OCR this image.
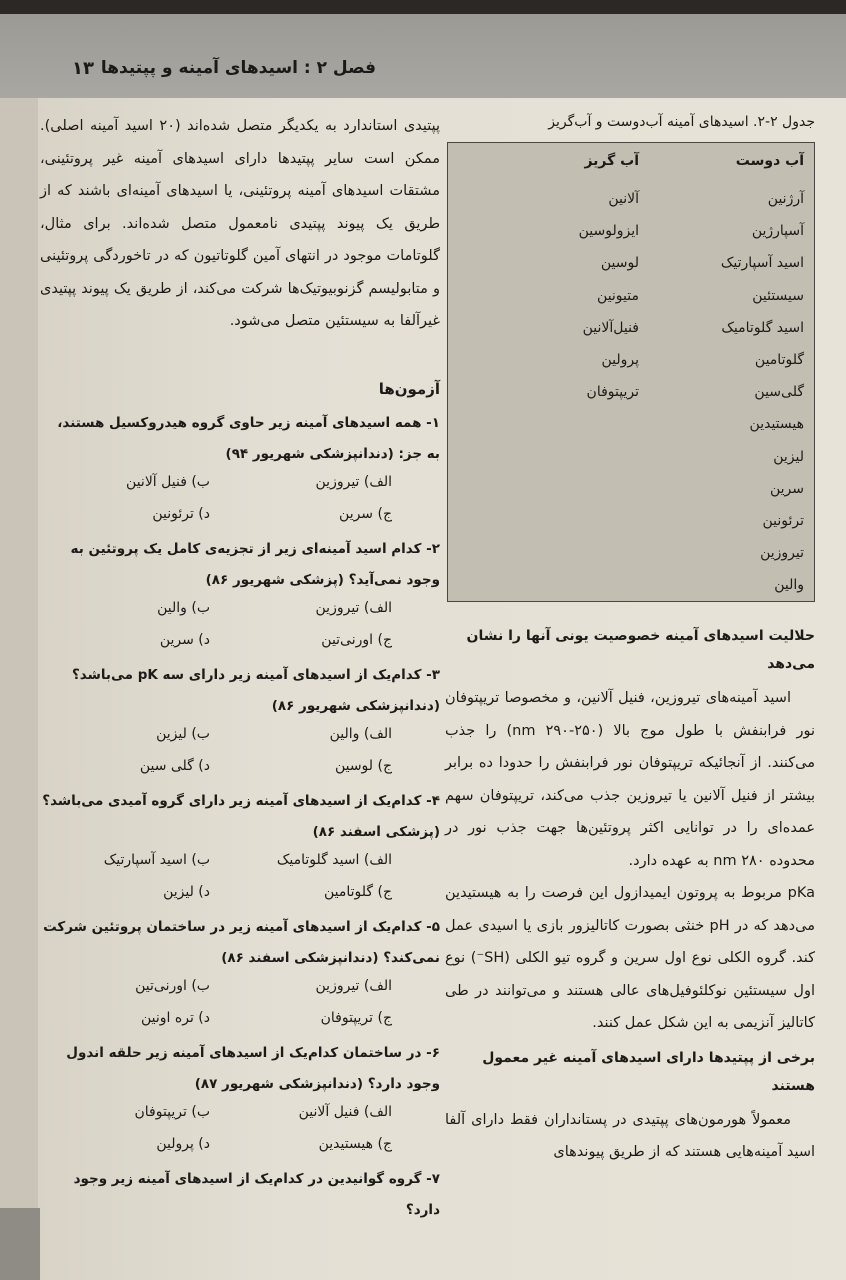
فصل ۲ : اسیدهای آمینه و پپتیدها
۱۳
جدول ۲-۲. اسیدهای آمینه آب‌دوست و آب‌گریز
آب دوست
آب گریز
آرژنین
آسپارژین
اسید آسپارتیک
سیستئین
اسید گلوتامیک
گلوتامین
گلی‌سین
هیستیدین
لیزین
سرین
ترئونین
تیروزین
والین
آلانین
ایزولوسین
لوسین
متیونین
فنیل‌آلانین
پرولین
تریپتوفان
حلالیت اسیدهای آمینه خصوصیت یونی آنها را نشان می‌دهد

اسید آمینه‌های تیروزین، فنیل آلانین، و مخصوصا تریپتوفان نور فرابنفش با طول موج بالا (۲۵۰-۲۹۰ nm) را جذب می‌کنند. از آنجائیکه تریپتوفان نور فرابنفش را حدودا ده برابر بیشتر از فنیل آلانین یا تیروزین جذب می‌کند، تریپتوفان سهم عمده‌ای را در توانایی اکثر پروتئین‌ها جهت جذب نور در محدوده ۲۸۰ nm به عهده دارد.

pKa مربوط به پروتون ایمیدازول این فرصت را به هیستیدین می‌دهد که در pH خنثی بصورت کاتالیزور بازی یا اسیدی عمل کند. گروه الکلی نوع اول سرین و گروه تیو الکلی (SH⁻) نوع اول سیستئین نوکلئوفیل‌های عالی هستند و می‌توانند در طی کاتالیز آنزیمی به این شکل عمل کنند.

برخی از پپتیدها دارای اسیدهای آمینه غیر معمول هستند

معمولاً هورمون‌های پپتیدی در پستانداران فقط دارای آلفا اسید آمینه‌هایی هستند که از طریق پیوندهای

پپتیدی استاندارد به یکدیگر متصل شده‌اند (۲۰ اسید آمینه اصلی). ممکن است سایر پپتیدها دارای اسیدهای آمینه غیر پروتئینی، مشتقات اسیدهای آمینه پروتئینی، یا اسیدهای آمینه‌ای باشند که از طریق یک پیوند پپتیدی نامعمول متصل شده‌اند. برای مثال، گلوتامات موجود در انتهای آمین گلوتاتیون که در تاخوردگی پروتئینی و متابولیسم گزنوبیوتیک‌ها شرکت می‌کند، از طریق یک پیوند پپتیدی غیرآلفا به سیستئین متصل می‌شود.

آزمون‌ها

۱- همه اسیدهای آمینه زیر حاوی گروه هیدروکسیل هستند، به جز: (دندانپزشکی شهریور ۹۴)

الف) تیروزین
ب) فنیل آلانین
ج) سرین
د) ترئونین

۲- کدام اسید آمینه‌ای زیر از تجزیه‌ی کامل یک پروتئین به وجود نمی‌آید؟ (پزشکی شهریور ۸۶)

الف) تیروزین
ب) والین
ج) اورنی‌تین
د) سرین

۳- کدام‌یک از اسیدهای آمینه زیر دارای سه pK می‌باشد؟ (دندانپزشکی شهریور ۸۶)

الف) والین
ب) لیزین
ج) لوسین
د) گلی سین

۴- کدام‌یک از اسیدهای آمینه زیر دارای گروه آمیدی می‌باشد؟ (پزشکی اسفند ۸۶)

الف) اسید گلوتامیک
ب) اسید آسپارتیک
ج) گلوتامین
د) لیزین

۵- کدام‌یک از اسیدهای آمینه زیر در ساختمان پروتئین شرکت نمی‌کند؟ (دندانپزشکی اسفند ۸۶)

الف) تیروزین
ب) اورنی‌تین
ج) تریپتوفان
د) تره اونین

۶- در ساختمان کدام‌یک از اسیدهای آمینه زیر حلقه اندول وجود دارد؟ (دندانپزشکی شهریور ۸۷)

الف) فنیل آلانین
ب) تریپتوفان
ج) هیستیدین
د) پرولین

۷- گروه گوانیدین در کدام‌یک از اسیدهای آمینه زیر وجود دارد؟
